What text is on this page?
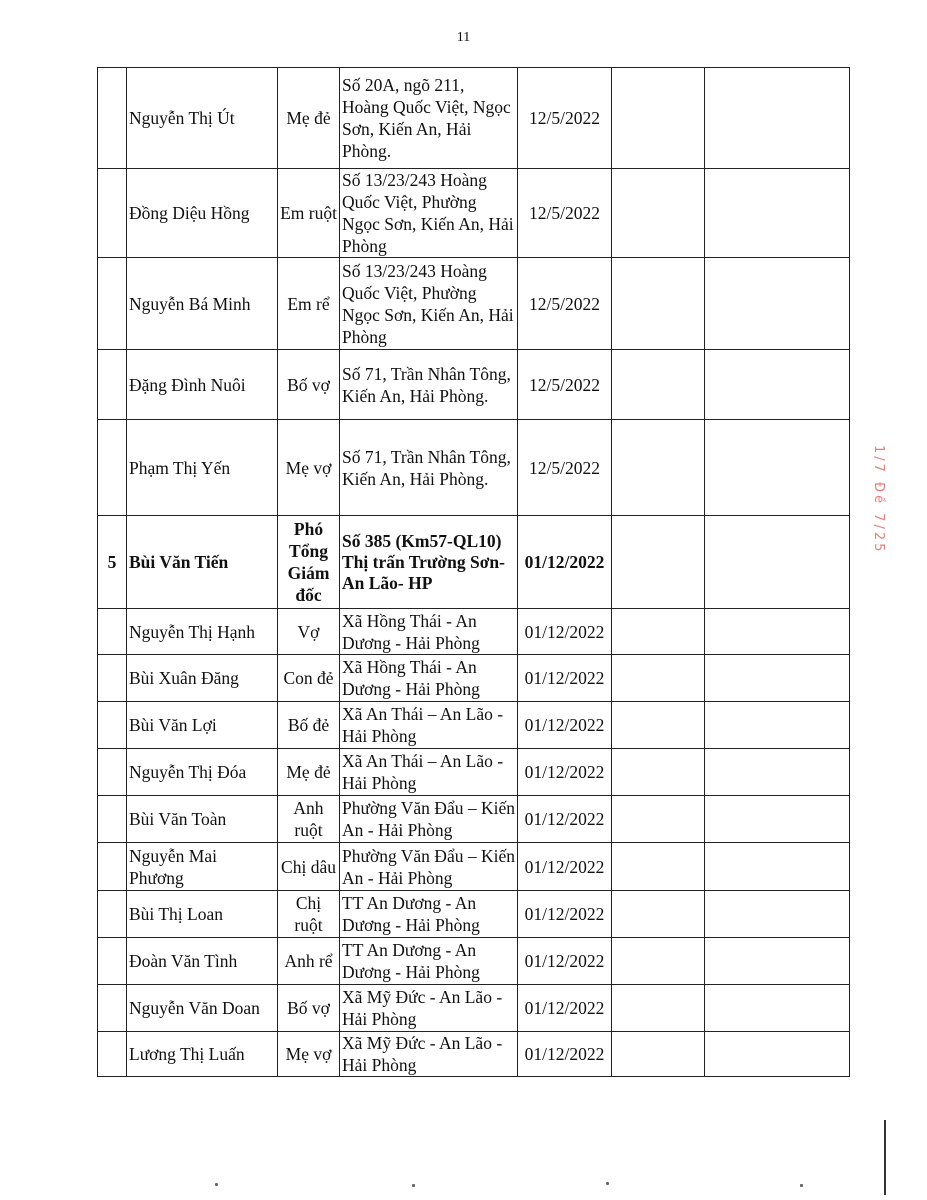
11
	Nguyễn Thị Út	Mẹ đẻ	Số 20A, ngõ 211, Hoàng Quốc Việt, Ngọc Sơn, Kiến An, Hải Phòng.	12/5/2022		
	Đồng Diệu Hồng	Em ruột	Số 13/23/243 Hoàng Quốc Việt, Phường Ngọc Sơn, Kiến An, Hải Phòng	12/5/2022		
	Nguyễn Bá Minh	Em rể	Số 13/23/243 Hoàng Quốc Việt, Phường Ngọc Sơn, Kiến An, Hải Phòng	12/5/2022		
	Đặng Đình Nuôi	Bố vợ	Số 71, Trần Nhân Tông, Kiến An, Hải Phòng.	12/5/2022		
	Phạm Thị Yến	Mẹ vợ	Số 71, Trần Nhân Tông, Kiến An, Hải Phòng.	12/5/2022		
5	Bùi Văn Tiến	Phó Tổng Giám đốc	Số 385 (Km57-QL10) Thị trấn Trường Sơn- An Lão- HP	01/12/2022		
	Nguyễn Thị Hạnh	Vợ	Xã Hồng Thái - An Dương - Hải Phòng	01/12/2022		
	Bùi Xuân Đăng	Con đẻ	Xã Hồng Thái - An Dương - Hải Phòng	01/12/2022		
	Bùi Văn Lợi	Bố đẻ	Xã An Thái – An Lão - Hải Phòng	01/12/2022		
	Nguyễn Thị Đóa	Mẹ đẻ	Xã An Thái – An Lão - Hải Phòng	01/12/2022		
	Bùi Văn Toàn	Anh ruột	Phường Văn Đẩu – Kiến An - Hải Phòng	01/12/2022		
	Nguyễn Mai Phương	Chị dâu	Phường Văn Đẩu – Kiến An - Hải Phòng	01/12/2022		
	Bùi Thị Loan	Chị ruột	TT An Dương - An Dương - Hải Phòng	01/12/2022		
	Đoàn Văn Tình	Anh rể	TT An Dương - An Dương - Hải Phòng	01/12/2022		
	Nguyễn Văn Doan	Bố vợ	Xã Mỹ Đức - An Lão - Hải Phòng	01/12/2022		
	Lương Thị Luấn	Mẹ vợ	Xã Mỹ Đức - An Lão - Hải Phòng	01/12/2022		
1/7 Đề 7/25
